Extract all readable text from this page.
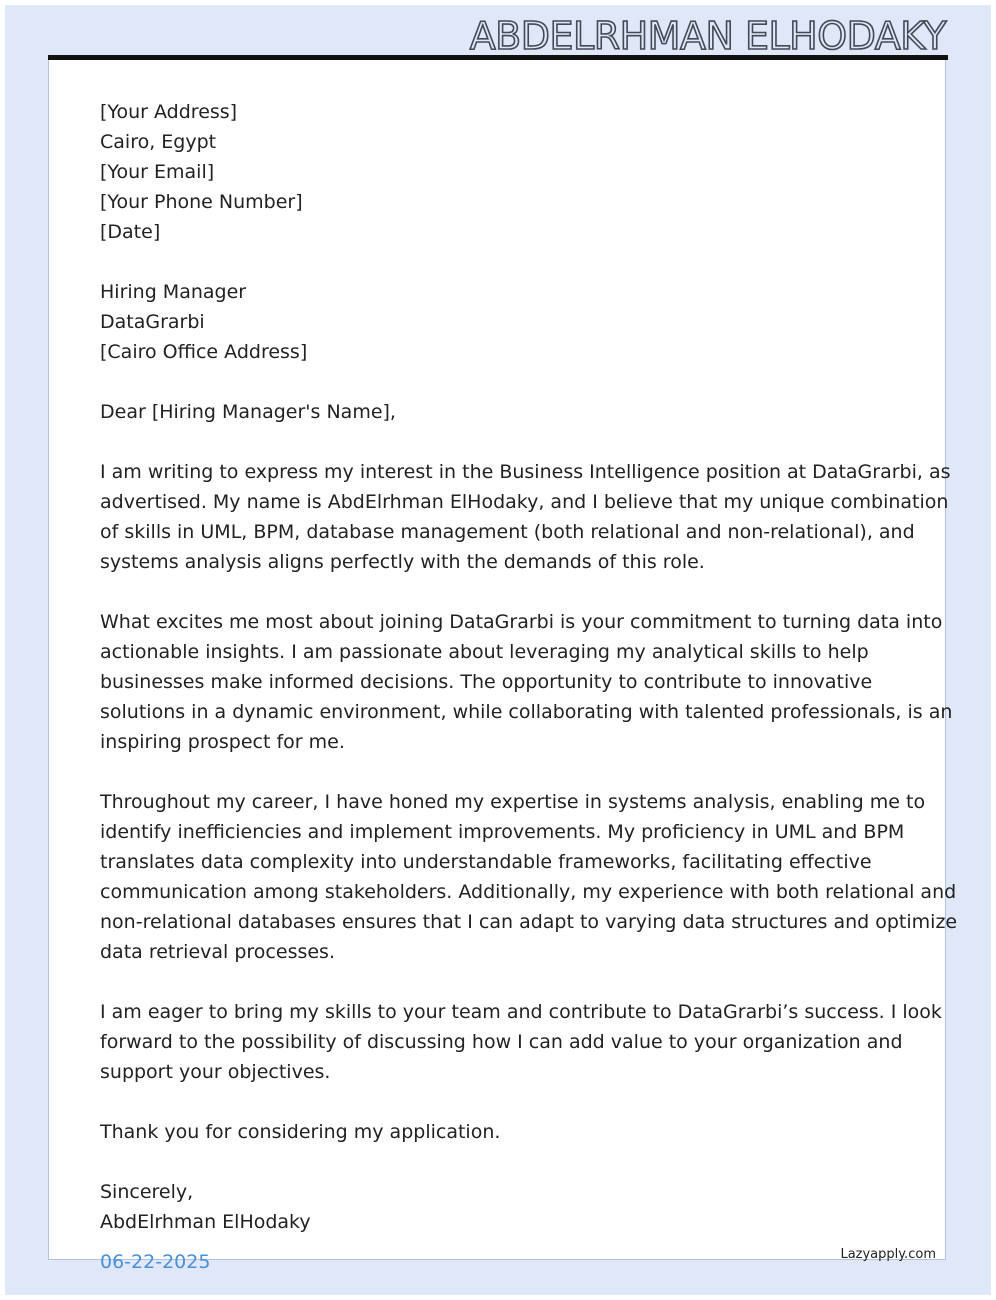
ABDELRHMAN ELHODAKY
[Your Address]
Cairo, Egypt
[Your Email]
[Your Phone Number]
[Date]
Hiring Manager
DataGrarbi
[Cairo Office Address]
Dear [Hiring Manager's Name],
I am writing to express my interest in the Business Intelligence position at DataGrarbi, as
advertised. My name is AbdElrhman ElHodaky, and I believe that my unique combination
of skills in UML, BPM, database management (both relational and non-relational), and
systems analysis aligns perfectly with the demands of this role.
What excites me most about joining DataGrarbi is your commitment to turning data into
actionable insights. I am passionate about leveraging my analytical skills to help
businesses make informed decisions. The opportunity to contribute to innovative
solutions in a dynamic environment, while collaborating with talented professionals, is an
inspiring prospect for me.
Throughout my career, I have honed my expertise in systems analysis, enabling me to
identify inefficiencies and implement improvements. My proficiency in UML and BPM
translates data complexity into understandable frameworks, facilitating effective
communication among stakeholders. Additionally, my experience with both relational and
non-relational databases ensures that I can adapt to varying data structures and optimize
data retrieval processes.
I am eager to bring my skills to your team and contribute to DataGrarbi’s success. I look
forward to the possibility of discussing how I can add value to your organization and
support your objectives.
Thank you for considering my application.
Sincerely,
AbdElrhman ElHodaky
06-22-2025	Lazyapply.com
